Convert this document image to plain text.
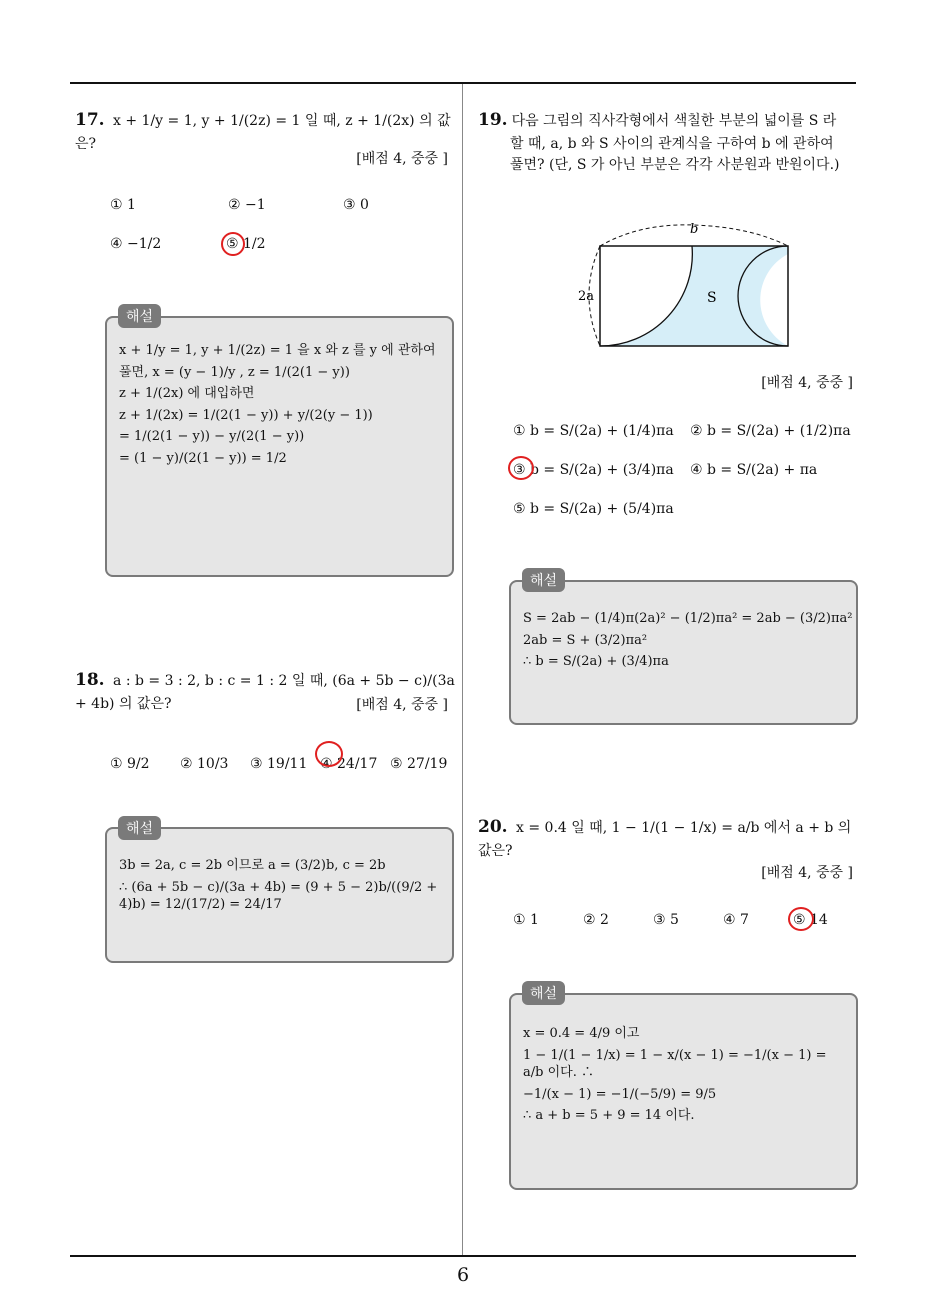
17. x + 1/y = 1, y + 1/(2z) = 1 일 때, z + 1/(2x) 의 값은?
[배점 4, 중중 ]
① 1	② −1	③ 0
④ −1/2	⑤ 1/2
x + 1/y = 1, y + 1/(2z) = 1 을 x 와 z 를 y 에 관하여
풀면, x = (y − 1)/y , z = 1/(2(1 − y))
z + 1/(2x) 에 대입하면
z + 1/(2x) = 1/(2(1 − y)) + y/(2(y − 1))
= 1/(2(1 − y)) − y/(2(1 − y))
= (1 − y)/(2(1 − y)) = 1/2
해설
18. a : b = 3 : 2, b : c = 1 : 2 일 때, (6a + 5b − c)/(3a + 4b) 의 값은?	[배점 4, 중중 ]
① 9/2 ② 10/3 ③ 19/11 ④ 24/17 ⑤ 27/19
3b = 2a, c = 2b 이므로 a = (3/2)b, c = 2b
∴ (6a + 5b − c)/(3a + 4b) = (9 + 5 − 2)b/((9/2 + 4)b) = 12/(17/2) = 24/17
해설
19. 다음 그림의 직사각형에서 색칠한 부분의 넓이를 S 라
할 때, a, b 와 S 사이의 관계식을 구하여 b 에 관하여
풀면? (단, S 가 아닌 부분은 각각 사분원과 반원이다.)
b
2a	S
[배점 4, 중중 ]
① b = S/(2a) + (1/4)πa ② b = S/(2a) + (1/2)πa
③ b = S/(2a) + (3/4)πa ④ b = S/(2a) + πa
⑤ b = S/(2a) + (5/4)πa
S = 2ab − (1/4)π(2a)² − (1/2)πa² = 2ab − (3/2)πa²
2ab = S + (3/2)πa²
∴ b = S/(2a) + (3/4)πa
해설
20. x = 0.4̇ 일 때, 1 − 1/(1 − 1/x) = a/b 에서 a + b 의 값은?
[배점 4, 중중 ]
① 1	② 2	③ 5	④ 7	⑤ 14
x = 0.4̇ = 4/9 이고
1 − 1/(1 − 1/x) = 1 − x/(x − 1) = −1/(x − 1) = a/b 이다. ∴
−1/(x − 1) = −1/(−5/9) = 9/5
∴ a + b = 5 + 9 = 14 이다.
해설
6
